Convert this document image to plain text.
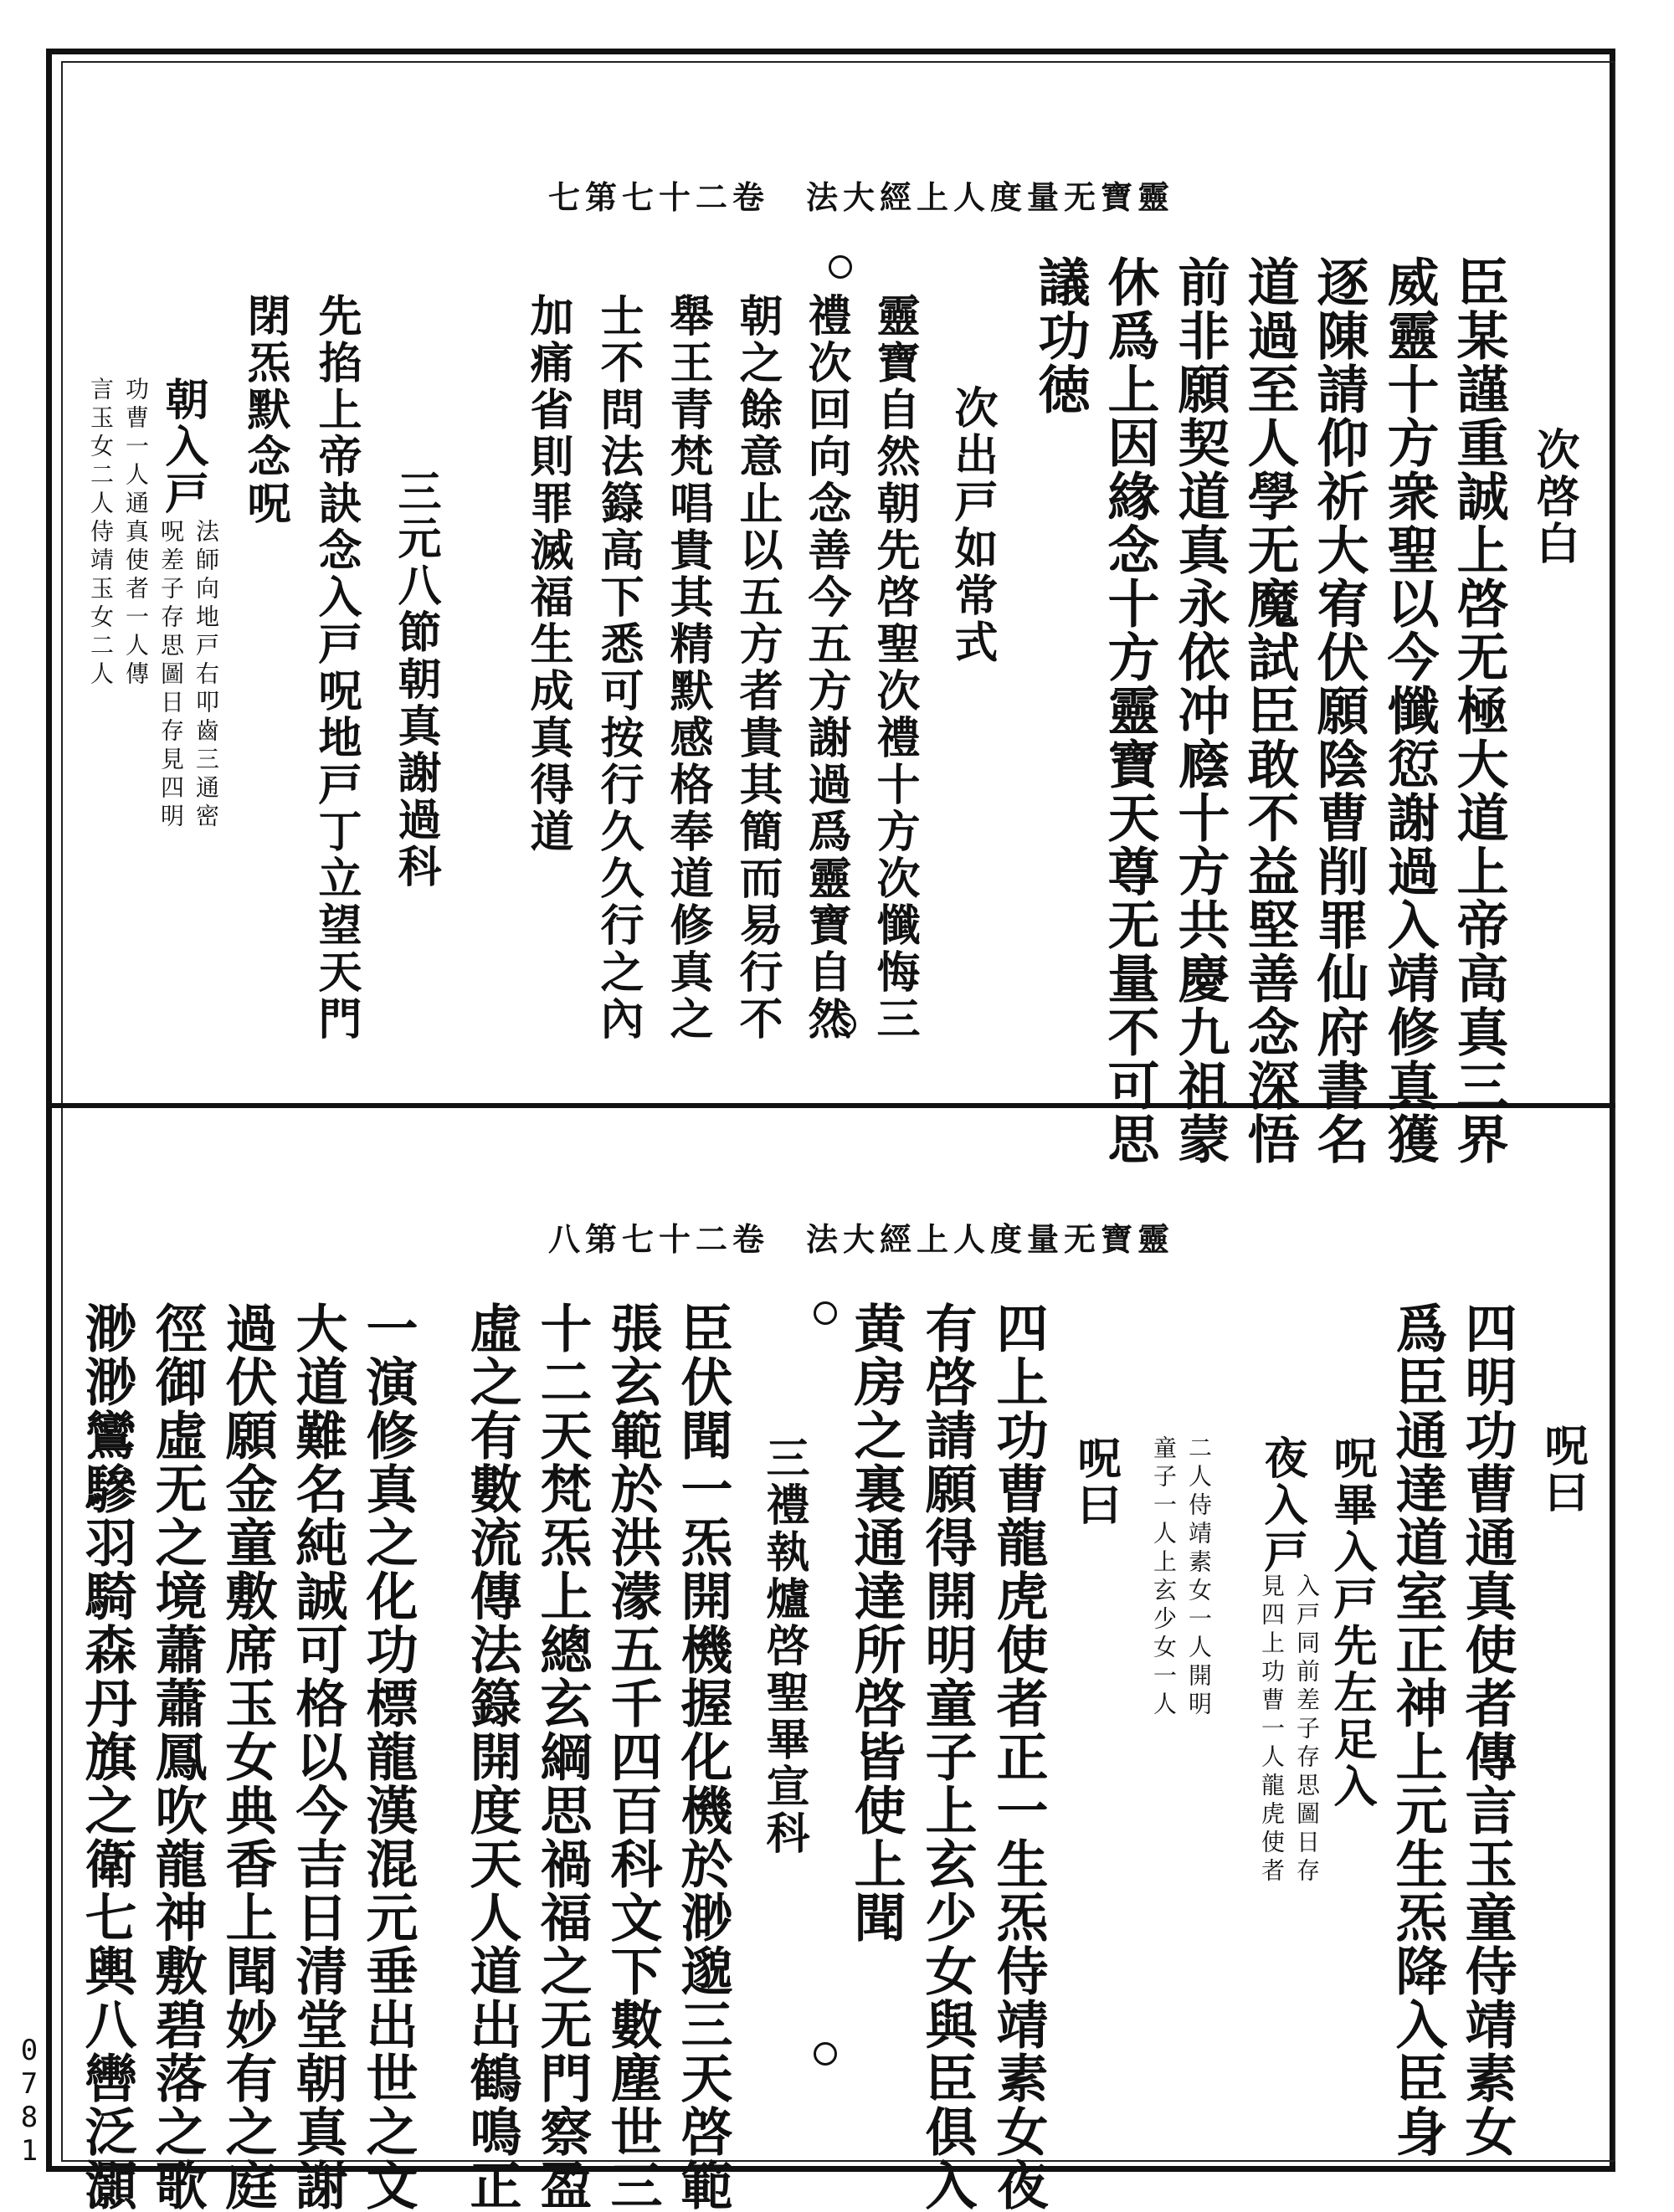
七第七十二卷　法大經上人度量无寶靈
八第七十二卷　法大經上人度量无寶靈
次啓白
臣某謹重誠上啓无極大道上帝高真三界
威靈十方衆聖以今懺愆謝過入靖修真獲
逐陳請仰祈大宥伏願陰曹削罪仙府書名
道過至人學无魔試臣敢不益堅善念深悟
前非願契道真永依冲廕十方共慶九祖蒙
休爲上因緣念十方靈寶天尊无量不可思
議功徳
次出戸如常式
靈寶自然朝先啓聖次禮十方次懺悔三
禮次回向念善今五方謝過爲靈寶自然
朝之餘意止以五方者貴其簡而易行不
舉王青梵唱貴其精默感格奉道修真之
士不問法籙高下悉可按行久久行之內
加痛省則罪滅福生成真得道
三元八節朝真謝過科
先掐上帝訣念入戸呪地戸丁立望天門
閉炁默念呪
朝入戸
法師向地戸右叩齒三通密
呪差子存思圖日存見四明
功曹一人通真使者一人傳
言玉女二人侍靖玉女二人
呪曰
四明功曹通真使者傳言玉童侍靖素女
爲臣通達道室正神上元生炁降入臣身
呪畢入戸先左足入
夜入戸
入戸同前差子存思圖日存
見四上功曹一人龍虎使者
二人侍靖素女一人開明
童子一人上玄少女一人
呪曰
四上功曹龍虎使者正一生炁侍靖素女夜
有啓請願得開明童子上玄少女與臣俱入
黄房之裏通達所啓皆使上聞
三禮執爐啓聖畢宣科
臣伏聞一炁開機握化機於渺邈三天啓範
張玄範於洪濛五千四百科文下數塵世三
十二天梵炁上總玄綱思禍福之无門察盈
虛之有數流傳法籙開度天人道出鶴鳴正
一演修真之化功標龍漢混元垂出世之文
大道難名純誠可格以今吉日清堂朝真謝
過伏願金童敷席玉女典香上聞妙有之庭
徑御虛无之境蕭蕭鳳吹龍神敷碧落之歌
渺渺鸞驂羽騎森丹旗之衛七輿八轡泛灝
0781
